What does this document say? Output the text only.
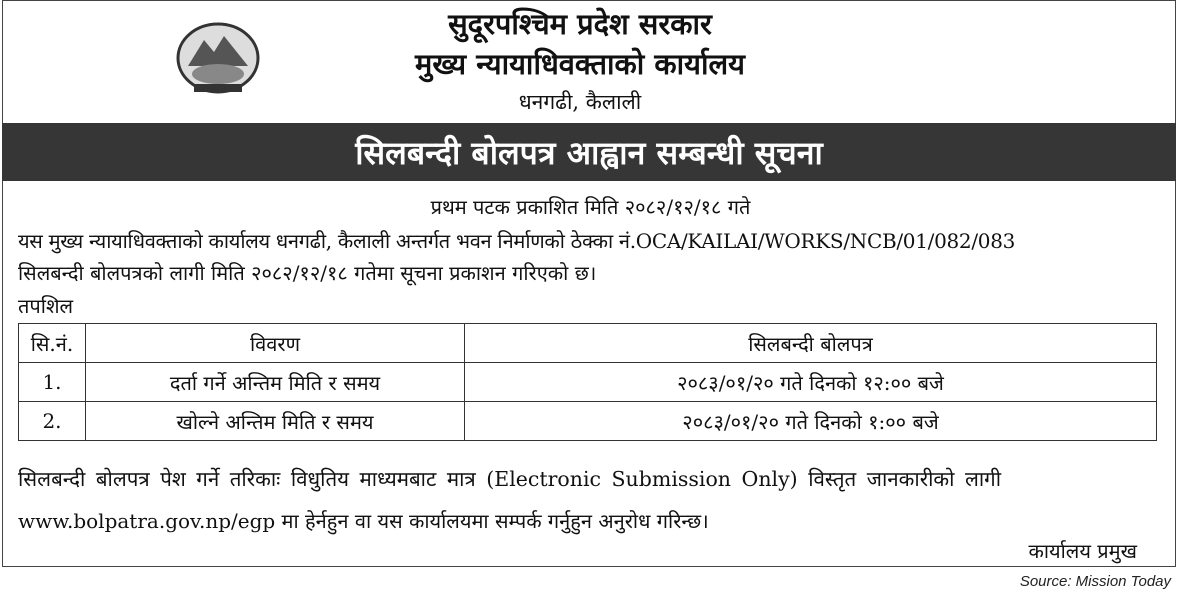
सुदूरपश्चिम प्रदेश सरकार
मुख्य न्यायाधिवक्ताको कार्यालय
धनगढी, कैलाली
सिलबन्दी बोलपत्र आह्वान सम्बन्धी सूचना
प्रथम पटक प्रकाशित मिति २०८२/१२/१८ गते
यस मुख्य न्यायाधिवक्ताको कार्यालय धनगढी, कैलाली अन्तर्गत भवन निर्माणको ठेक्का नं.OCA/KAILAI/WORKS/NCB/01/082/083
सिलबन्दी बोलपत्रको लागी मिति २०८२/१२/१८ गतेमा सूचना प्रकाशन गरिएको छ।
तपशिल
सि.नं.	विवरण	सिलबन्दी बोलपत्र
1.	दर्ता गर्ने अन्तिम मिति र समय	२०८३/०१/२० गते दिनको १२:०० बजे
2.	खोल्ने अन्तिम मिति र समय	२०८३/०१/२० गते दिनको १:०० बजे
सिलबन्दी बोलपत्र पेश गर्ने तरिकाः विधुतिय माध्यमबाट मात्र (Electronic Submission Only) विस्तृत जानकारीको लागी
www.bolpatra.gov.np/egp मा हेर्नहुन वा यस कार्यालयमा सम्पर्क गर्नुहुन अनुरोध गरिन्छ।
कार्यालय प्रमुख
Source: Mission Today
